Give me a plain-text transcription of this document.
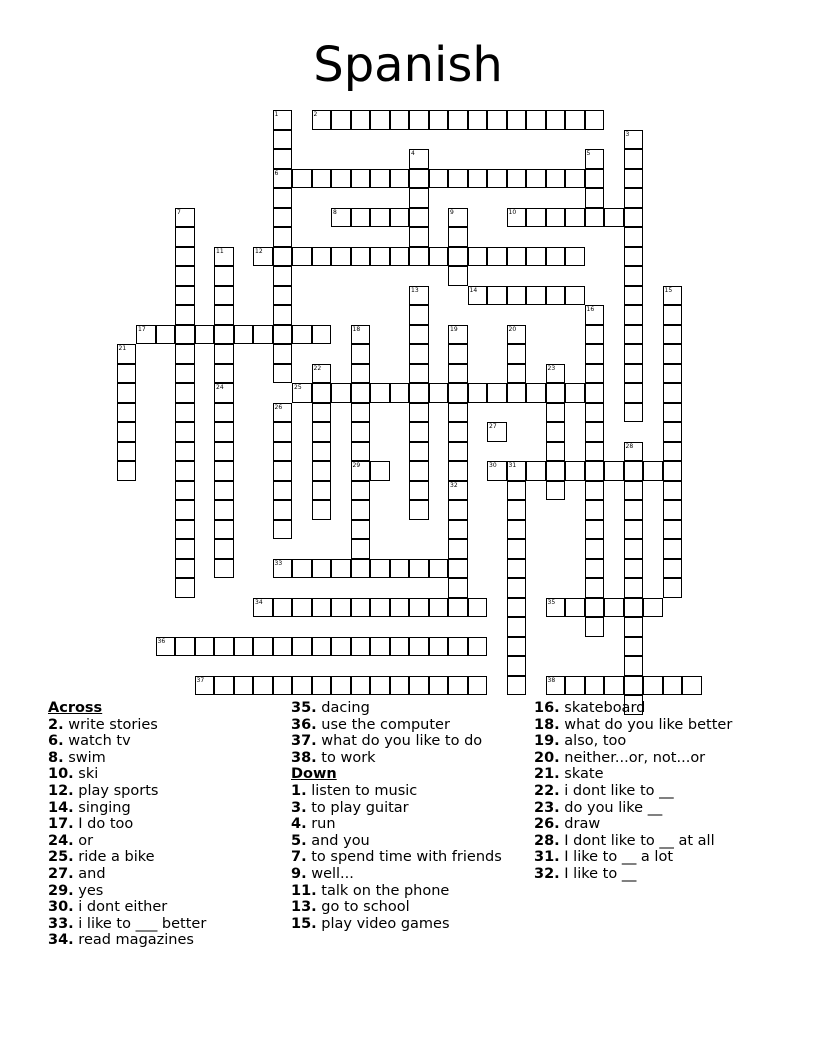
Spanish
1
6
2
3
4	5
7	8	9	10
11
24
12
13	14	15
16
17	18
29
19	20
21
22	23
25
26
27
28
30 31
32
33
34	35
36
37	38
Across
2. write stories
6. watch tv
8. swim
10. ski
12. play sports
14. singing
17. I do too
24. or
25. ride a bike
27. and
29. yes
30. i dont either
33. i like to ___ better
34. read magazines
35. dacing
36. use the computer
37. what do you like to do
38. to work
Down
1. listen to music
3. to play guitar
4. run
5. and you
7. to spend time with friends
9. well...
11. talk on the phone
13. go to school
15. play video games
16. skateboard
18. what do you like better
19. also, too
20. neither...or, not...or
21. skate
22. i dont like to __
23. do you like __
26. draw
28. I dont like to __ at all
31. I like to __ a lot
32. I like to __
